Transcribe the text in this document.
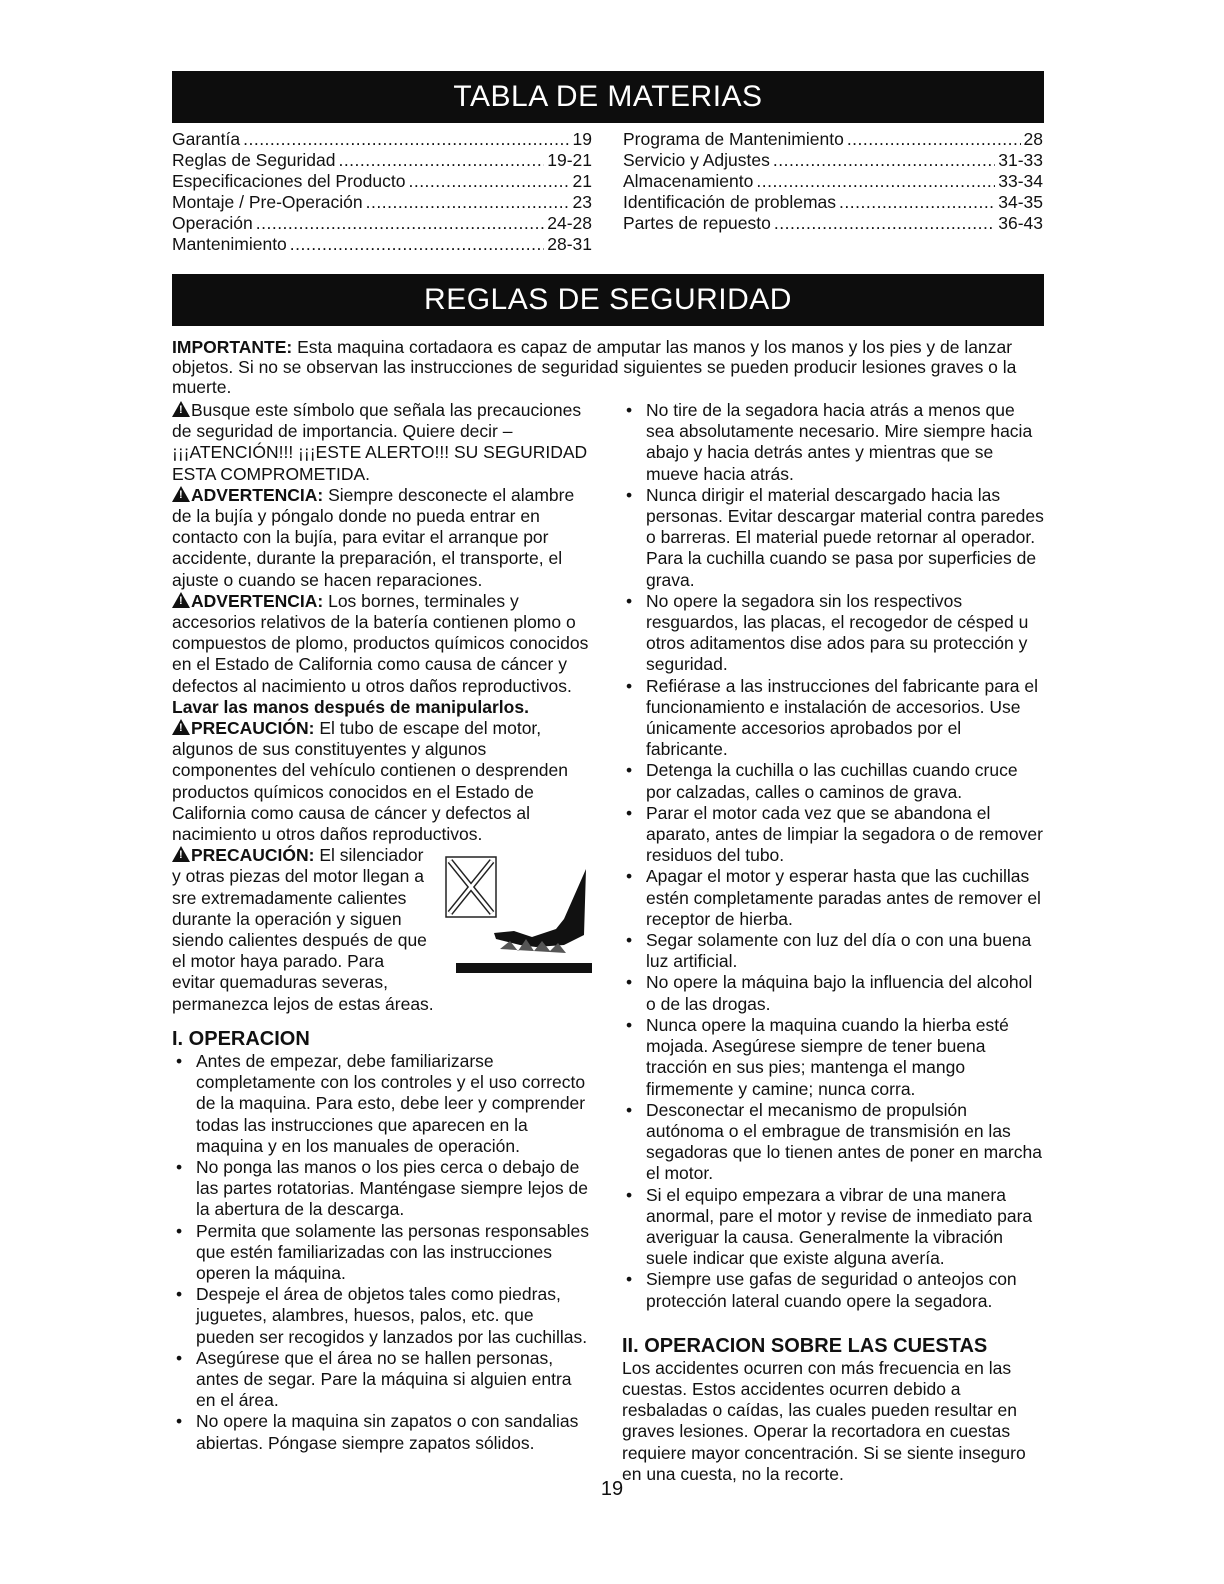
TABLA DE MATERIAS
Garantía .....	19
Reglas de Seguridad .....	19-21
Especificaciones del Producto .....	21
Montaje / Pre-Operación .....	23
Operación .....	24-28
Mantenimiento .....	28-31
Programa de Mantenimiento .....	28
Servicio y Adjustes .....	31-33
Almacenamiento .....	33-34
Identificación de problemas .....	34-35
Partes de repuesto .....	36-43
REGLAS DE SEGURIDAD

IMPORTANTE: Esta maquina cortadaora es capaz de amputar las manos y los manos y los pies y de lanzar objetos. Si no se observan las instrucciones de seguridad siguientes se pueden producir lesiones graves o la muerte.

!Busque este símbolo que señala las precauciones de seguridad de importancia. Quiere decir – ¡¡¡ATENCIÓN!!! ¡¡¡ESTE ALERTO!!! SU SEGURIDAD ESTA COMPROMETIDA.

!ADVERTENCIA: Siempre desconecte el alambre de la bujía y póngalo donde no pueda entrar en contacto con la bujía, para evitar el arranque por accidente, durante la preparación, el transporte, el ajuste o cuando se hacen reparaciones.

!ADVERTENCIA: Los bornes, terminales y accesorios relativos de la batería contienen plomo o compuestos de plomo, productos químicos conocidos en el Estado de California como causa de cáncer y defectos al nacimiento u otros daños reproductivos. Lavar las manos después de manipularlos.

!PRECAUCIÓN: El tubo de escape del motor, algunos de sus constituyentes y algunos componentes del vehículo contienen o desprenden productos químicos conocidos en el Estado de California como causa de cáncer y defectos al nacimiento u otros daños reproductivos.

!PRECAUCIÓN: El silenciador y otras piezas del motor llegan a sre extremadamente calientes durante la operación y siguen siendo calientes después de que el motor haya parado. Para evitar quemaduras severas, permanezca lejos de estas áreas.

I. OPERACION

• Antes de empezar, debe familiarizarse completamente con los controles y el uso correcto de la maquina. Para esto, debe leer y comprender todas las instrucciones que aparecen en la maquina y en los manuales de operación.
• No ponga las manos o los pies cerca o debajo de las partes rotatorias. Manténgase siempre lejos de la abertura de la descarga.
• Permita que solamente las personas responsables que estén familiarizadas con las instrucciones operen la máquina.
• Despeje el área de objetos tales como piedras, juguetes, alambres, huesos, palos, etc. que pueden ser recogidos y lanzados por las cuchillas.
• Asegúrese que el área no se hallen personas, antes de segar. Pare la máquina si alguien entra en el área.
• No opere la maquina sin zapatos o con sandalias abiertas. Póngase siempre zapatos sólidos.
• No tire de la segadora hacia atrás a menos que sea absolutamente necesario. Mire siempre hacia abajo y hacia detrás antes y mientras que se mueve hacia atrás.
• Nunca dirigir el material descargado hacia las personas. Evitar descargar material contra paredes o barreras. El material puede retornar al operador. Para la cuchilla cuando se pasa por superficies de grava.
• No opere la segadora sin los respectivos resguardos, las placas, el recogedor de césped u otros aditamentos dise ados para su protección y seguridad.
• Refiérase a las instrucciones del fabricante para el funcionamiento e instalación de accesorios. Use únicamente accesorios aprobados por el fabricante.
• Detenga la cuchilla o las cuchillas cuando cruce por calzadas, calles o caminos de grava.
• Parar el motor cada vez que se abandona el aparato, antes de limpiar la segadora o de remover residuos del tubo.
• Apagar el motor y esperar hasta que las cuchillas estén completamente paradas antes de remover el receptor de hierba.
• Segar solamente con luz del día o con una buena luz artificial.
• No opere la máquina bajo la influencia del alcohol o de las drogas.
• Nunca opere la maquina cuando la hierba esté mojada. Asegúrese siempre de tener buena tracción en sus pies; mantenga el mango firmemente y camine; nunca corra.
• Desconectar el mecanismo de propulsión autónoma o el embrague de transmisión en las segadoras que lo tienen antes de poner en marcha el motor.
• Si el equipo empezara a vibrar de una manera anormal, pare el motor y revise de inmediato para averiguar la causa. Generalmente la vibración suele indicar que existe alguna avería.
• Siempre use gafas de seguridad o anteojos con protección lateral cuando opere la segadora.

II. OPERACION SOBRE LAS CUESTAS

Los accidentes ocurren con más frecuencia en las cuestas. Estos accidentes ocurren debido a resbaladas o caídas, las cuales pueden resultar en graves lesiones. Operar la recortadora en cuestas requiere mayor concentración. Si se siente inseguro en una cuesta, no la recorte.

19
